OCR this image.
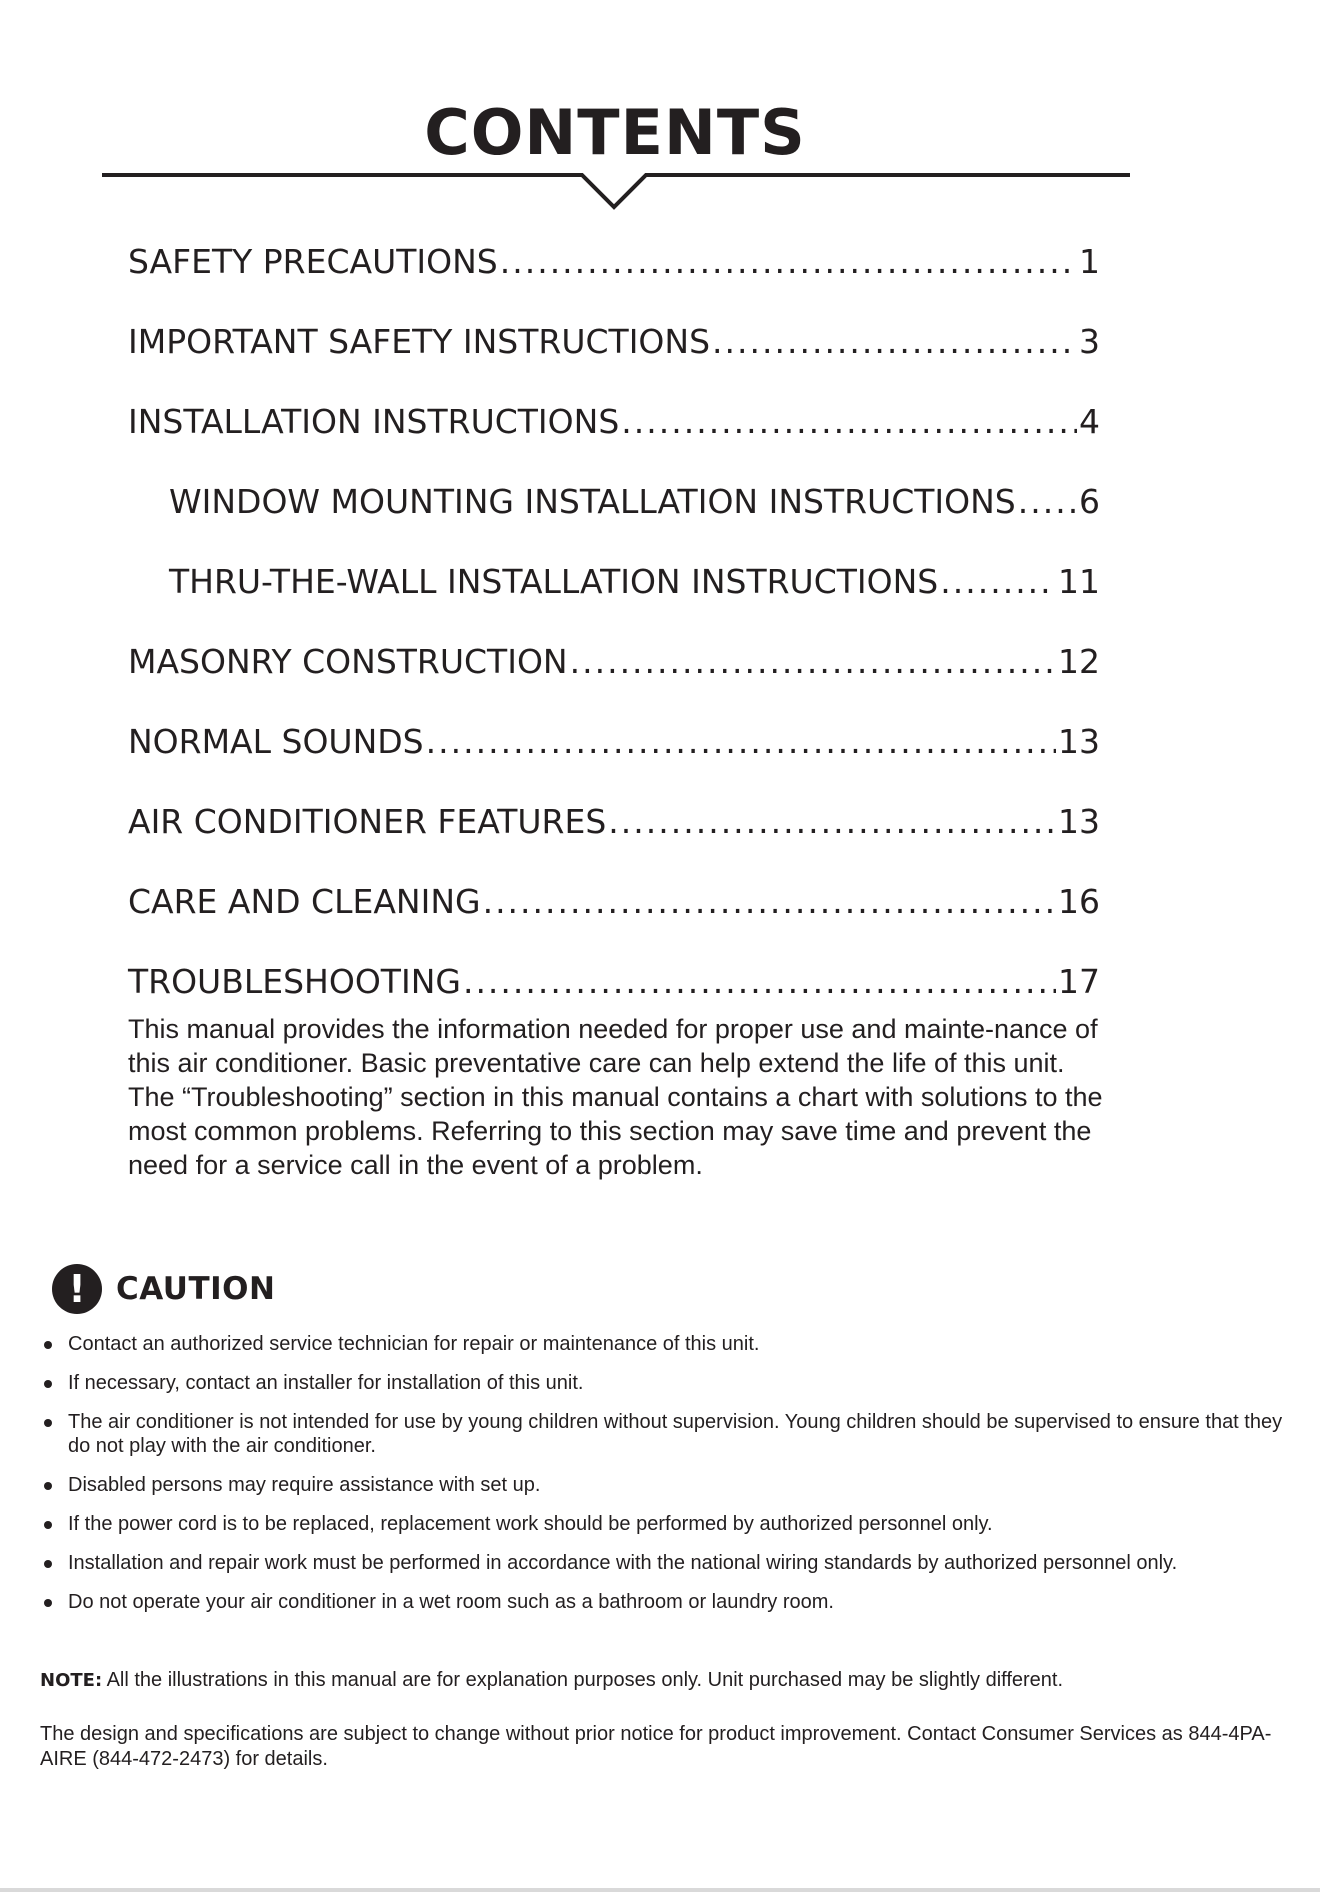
CONTENTS
SAFETY PRECAUTIONS .....	1
IMPORTANT SAFETY INSTRUCTIONS .....	3
INSTALLATION INSTRUCTIONS .....	4
WINDOW MOUNTING INSTALLATION INSTRUCTIONS ..... 6
THRU-THE-WALL INSTALLATION INSTRUCTIONS .....	11
MASONRY CONSTRUCTION .....	12
NORMAL SOUNDS .....	13
AIR CONDITIONER FEATURES .....	13
CARE AND CLEANING .....	16
TROUBLESHOOTING .....	17
This manual provides the information needed for proper use and mainte-nance of this air conditioner. Basic preventative care can help extend the life of this unit. The “Troubleshooting” section in this manual contains a chart with solutions to the most common problems. Referring to this section may save time and prevent the need for a service call in the event of a problem.
! CAUTION
Contact an authorized service technician for repair or maintenance of this unit.
If necessary, contact an installer for installation of this unit.
The air conditioner is not intended for use by young children without supervision. Young children should be supervised to ensure that they do not play with the air conditioner.
Disabled persons may require assistance with set up.
If the power cord is to be replaced, replacement work should be performed by authorized personnel only.
Installation and repair work must be performed in accordance with the national wiring standards by authorized personnel only.
Do not operate your air conditioner in a wet room such as a bathroom or laundry room.
NOTE: All the illustrations in this manual are for explanation purposes only. Unit purchased may be slightly different.
The design and specifications are subject to change without prior notice for product improvement. Contact Consumer Services as 844-4PA-AIRE (844-472-2473) for details.
